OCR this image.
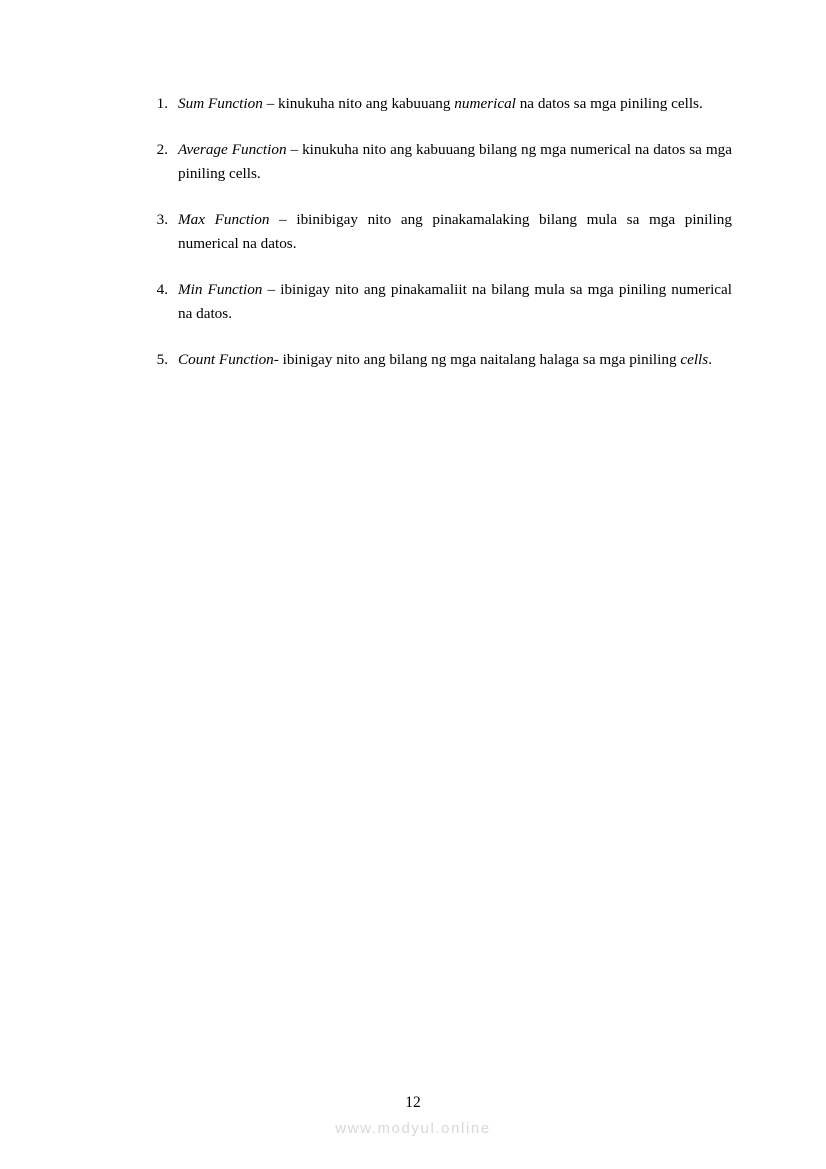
1. Sum Function – kinukuha nito ang kabuuang numerical na datos sa mga piniling cells.
2. Average Function – kinukuha nito ang kabuuang bilang ng mga numerical na datos sa mga piniling cells.
3. Max Function – ibinibigay nito ang pinakamalaking bilang mula sa mga piniling numerical na datos.
4. Min Function – ibinigay nito ang pinakamaliit na bilang mula sa mga piniling numerical na datos.
5. Count Function- ibinigay nito ang bilang ng mga naitalang halaga sa mga piniling cells.
12
www.modyul.online
